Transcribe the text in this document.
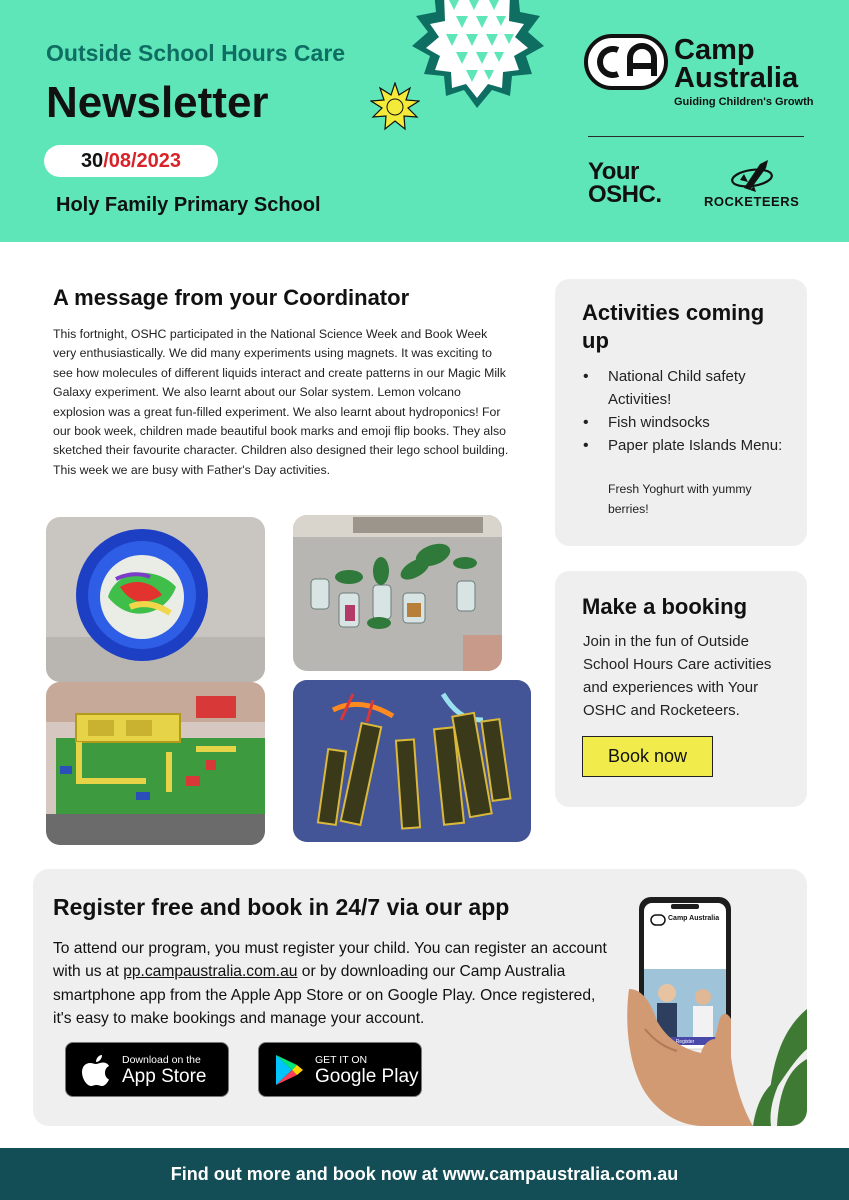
Outside School Hours Care
Newsletter
30/08/2023
Holy Family Primary School
Camp
Australia
Guiding Children's Growth
Your
OSHC.	ROCKETEERS
A message from your Coordinator
This fortnight, OSHC participated in the National Science Week and Book Week very enthusiastically. We did many experiments using magnets. It was exciting to see how molecules of different liquids interact and create patterns in our Magic Milk Galaxy experiment. We also learnt about our Solar system. Lemon volcano explosion was a great fun-filled experiment. We also learnt about hydroponics! For our book week, children made beautiful book marks and emoji flip books. They also sketched their favourite character. Children also designed their lego school building. This week we are busy with Father's Day activities.
Activities coming up
• National Child safety Activities!
• Fish windsocks
• Paper plate Islands Menu:
Fresh Yoghurt with yummy berries!
Make a booking
Join in the fun of Outside School Hours Care activities and experiences with Your OSHC and Rocketeers.
Book now
Register free and book in 24/7 via our app
To attend our program, you must register your child. You can register an account with us at pp.campaustralia.com.au or by downloading our Camp Australia smartphone app from the Apple App Store or on Google Play. Once registered, it's easy to make bookings and manage your account.
Download on the
App Store
GET IT ON
Google Play
Camp Australia
Register
Find out more and book now at www.campaustralia.com.au
